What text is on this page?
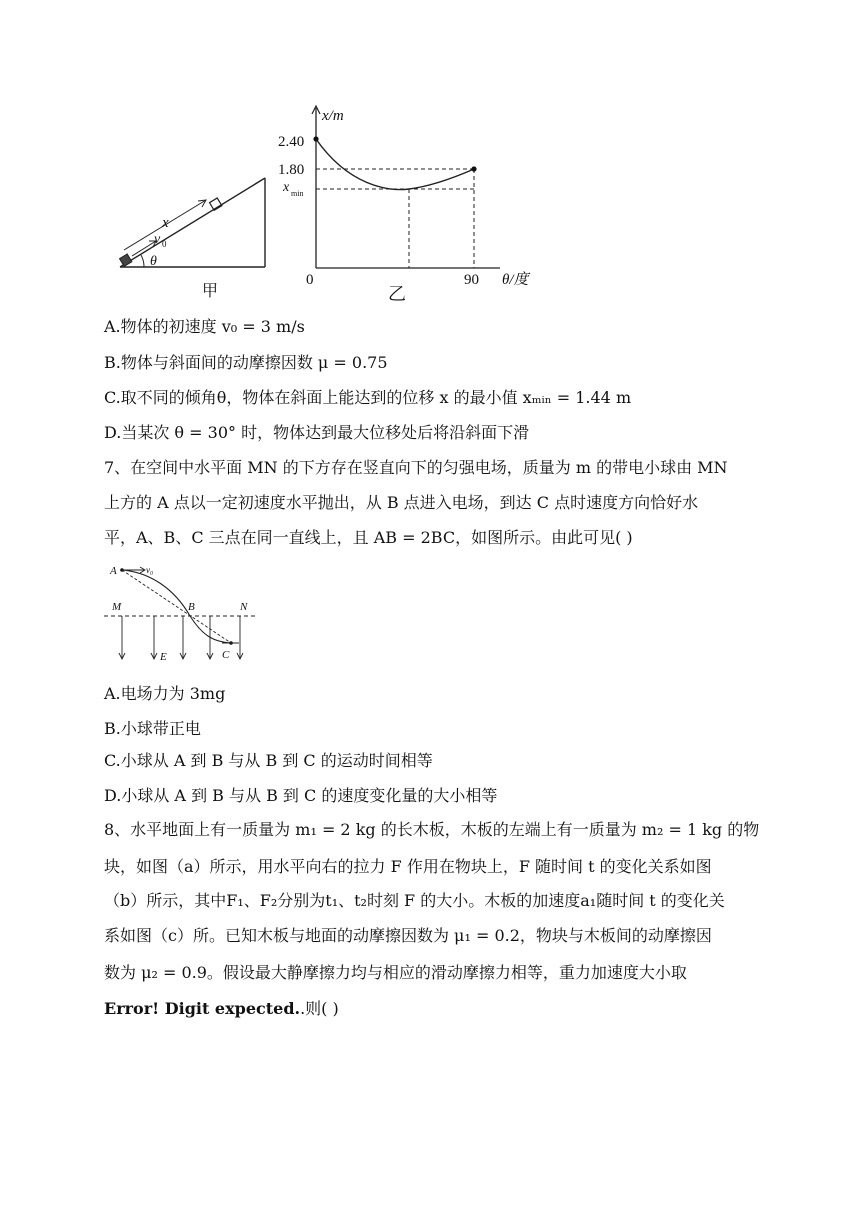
x
v 0
θ
甲
x/m
θ/度
2.40
1.80
x min
0	90
乙
A.物体的初速度 v₀ = 3 m/s
B.物体与斜面间的动摩擦因数 μ = 0.75
C.取不同的倾角θ，物体在斜面上能达到的位移 x 的最小值 xₘᵢₙ = 1.44 m
D.当某次 θ = 30° 时，物体达到最大位移处后将沿斜面下滑
7、在空间中水平面 MN 的下方存在竖直向下的匀强电场，质量为 m 的带电小球由 MN
上方的 A 点以一定初速度水平抛出，从 B 点进入电场，到达 C 点时速度方向恰好水
平，A、B、C 三点在同一直线上，且 AB = 2BC，如图所示。由此可见( )
A	v₀
M	B	N
C
E
A.电场力为 3mg
B.小球带正电
C.小球从 A 到 B 与从 B 到 C 的运动时间相等
D.小球从 A 到 B 与从 B 到 C 的速度变化量的大小相等
8、水平地面上有一质量为 m₁ = 2 kg 的长木板，木板的左端上有一质量为 m₂ = 1 kg 的物
块，如图（a）所示，用水平向右的拉力 F 作用在物块上，F 随时间 t 的变化关系如图
（b）所示，其中F₁、F₂分别为t₁、t₂时刻 F 的大小。木板的加速度a₁随时间 t 的变化关
系如图（c）所。已知木板与地面的动摩擦因数为 μ₁ = 0.2，物块与木板间的动摩擦因
数为 μ₂ = 0.9。假设最大静摩擦力均与相应的滑动摩擦力相等，重力加速度大小取
Error! Digit expected..则( )
